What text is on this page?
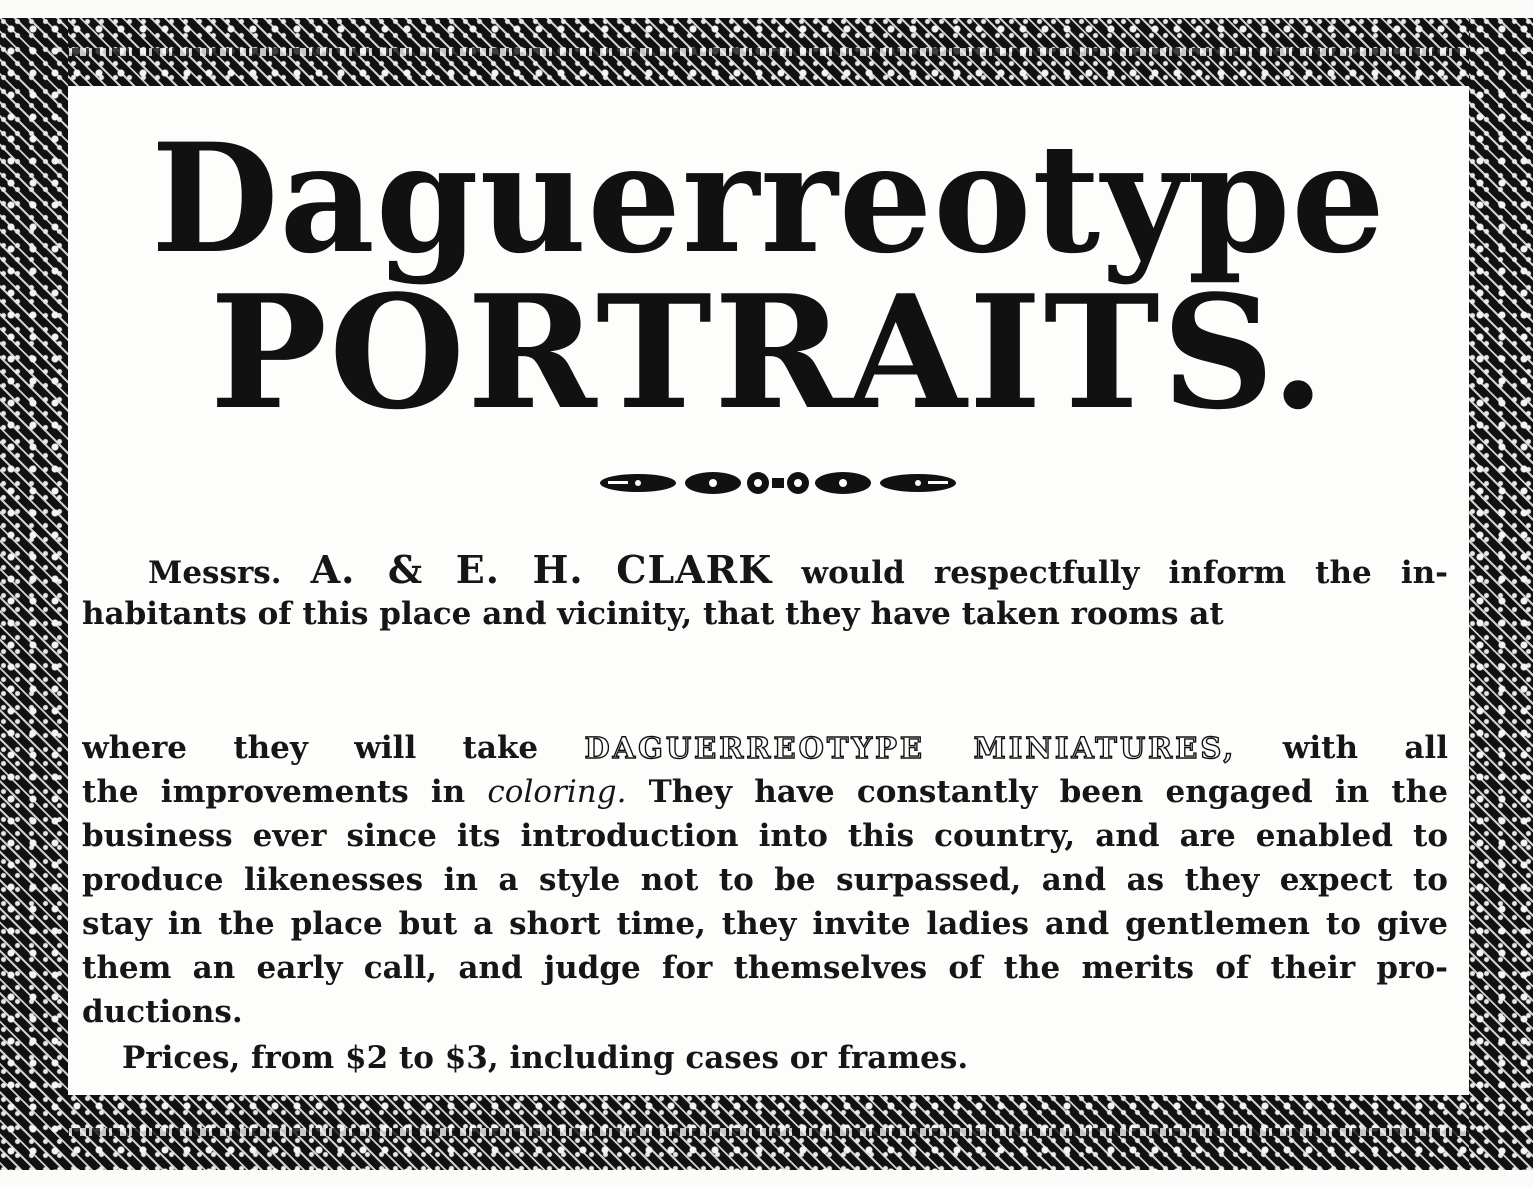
Daguerreotype
PORTRAITS.
Messrs. A. & E. H. CLARK would respectfully inform the in-
habitants of this place and vicinity, that they have taken rooms at
where they will take DAGUERREOTYPE MINIATURES, with all
the improvements in coloring. They have constantly been engaged in the
business ever since its introduction into this country, and are enabled to
produce likenesses in a style not to be surpassed, and as they expect to
stay in the place but a short time, they invite ladies and gentlemen to give
them an early call, and judge for themselves of the merits of their pro-
ductions.
Prices, from $2 to $3, including cases or frames.
